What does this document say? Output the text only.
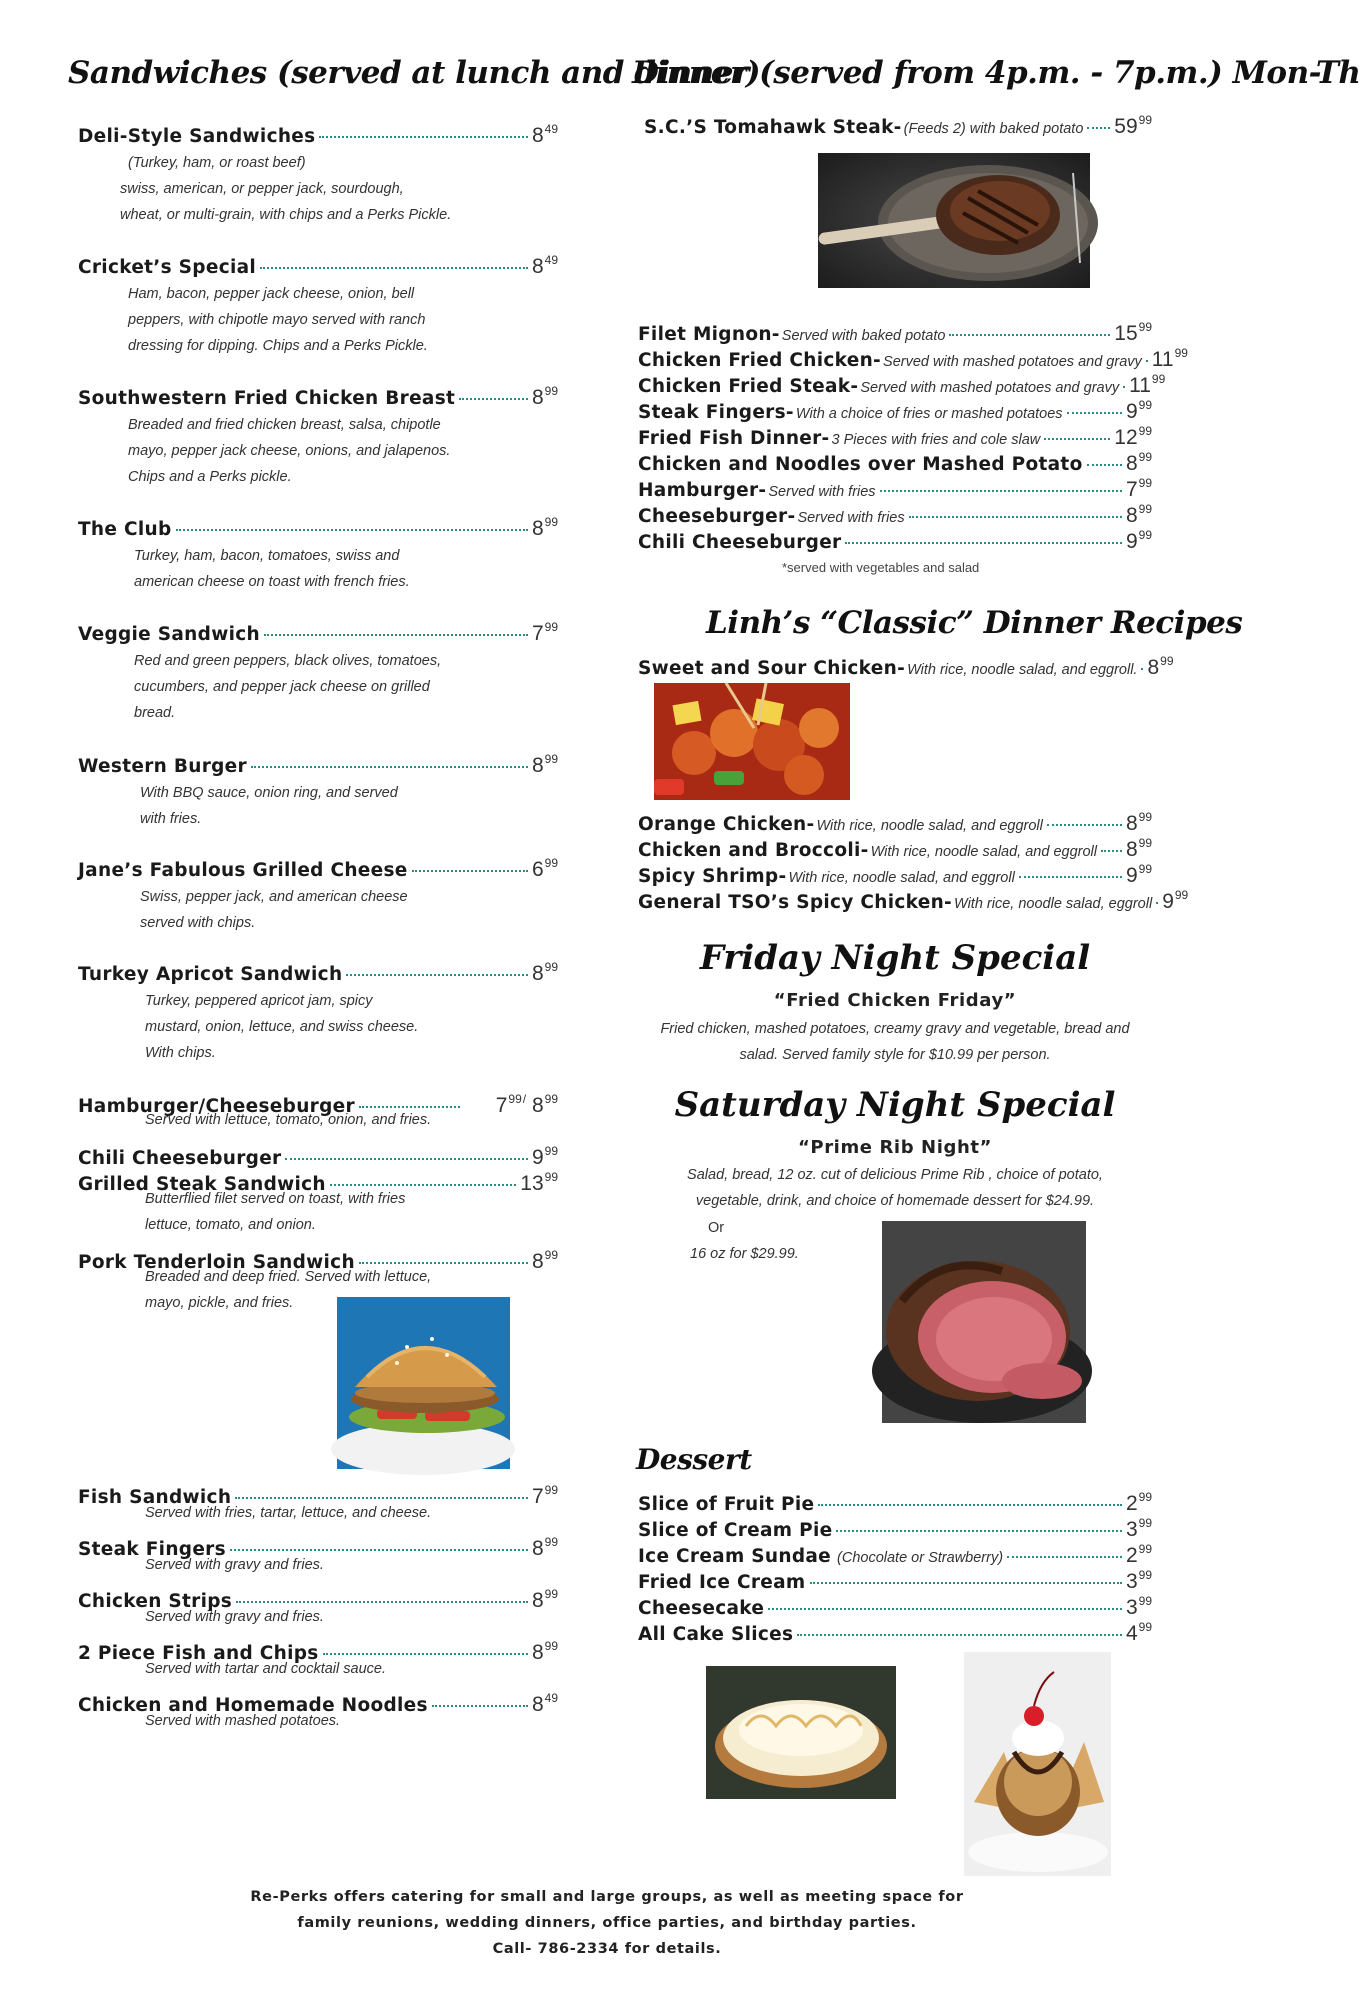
Sandwiches (served at lunch and dinner)
Deli-Style Sandwiches	$8^{49}$
(Turkey, ham, or roast beef)
swiss, american, or pepper jack, sourdough,
wheat, or multi-grain, with chips and a Perks Pickle.
Cricket’s Special	$8^{49}$
Ham, bacon, pepper jack cheese, onion, bell
peppers, with chipotle mayo served with ranch
dressing for dipping. Chips and a Perks Pickle.
Southwestern Fried Chicken Breast	$8^{99}$
Breaded and fried chicken breast, salsa, chipotle
mayo, pepper jack cheese, onions, and jalapenos.
Chips and a Perks pickle.
The Club	$8^{99}$
Turkey, ham, bacon, tomatoes, swiss and
american cheese on toast with french fries.
Veggie Sandwich	$7^{99}$
Red and green peppers, black olives, tomatoes,
cucumbers, and pepper jack cheese on grilled
bread.
Western Burger	$8^{99}$
With BBQ sauce, onion ring, and served
with fries.
Jane’s Fabulous Grilled Cheese	$6^{99}$
Swiss, pepper jack, and american cheese
served with chips.
Turkey Apricot Sandwich	$8^{99}$
Turkey, peppered apricot jam, spicy
mustard, onion, lettuce, and swiss cheese.
With chips.
Hamburger/Cheeseburger	$7^{99/}$ $8^{99}$
Served with lettuce, tomato, onion, and fries.
Chili Cheeseburger	$9^{99}$
Grilled Steak Sandwich	$13^{99}$
Butterflied filet served on toast, with fries
lettuce, tomato, and onion.
Pork Tenderloin Sandwich	$8^{99}$
Breaded and deep fried. Served with lettuce,
mayo, pickle, and fries.
Fish Sandwich	$7^{99}$
Served with fries, tartar, lettuce, and cheese.
Steak Fingers	$8^{99}$
Served with gravy and fries.
Chicken Strips	$8^{99}$
Served with gravy and fries.
2 Piece Fish and Chips	$8^{99}$
Served with tartar and cocktail sauce.
Chicken and Homemade Noodles	$8^{49}$
Served with mashed potatoes.
Dinner (served from 4p.m. - 7p.m.) Mon-Th
S.C.’S Tomahawk Steak- (Feeds 2) with baked potato $59^{99}$
Filet Mignon- Served with baked potato	$15^{99}$
Chicken Fried Chicken- Served with mashed potatoes and gravy $11^{99}$
Chicken Fried Steak- Served with mashed potatoes and gravy $11^{99}$
Steak Fingers- With a choice of fries or mashed potatoes	$9^{99}$
Fried Fish Dinner- 3 Pieces with fries and cole slaw	$12^{99}$
Chicken and Noodles over Mashed Potato $8^{99}$
Hamburger- Served with fries	$7^{99}$
Cheeseburger- Served with fries	$8^{99}$
Chili Cheeseburger	$9^{99}$
*served with vegetables and salad
Linh’s “Classic” Dinner Recipes
Sweet and Sour Chicken- With rice, noodle salad, and eggroll. $8^{99}$
Orange Chicken- With rice, noodle salad, and eggroll	$8^{99}$
Chicken and Broccoli- With rice, noodle salad, and eggroll $8^{99}$
Spicy Shrimp- With rice, noodle salad, and eggroll	$9^{99}$
General TSO’s Spicy Chicken- With rice, noodle salad, eggroll $9^{99}$
Friday Night Special
“Fried Chicken Friday”
Fried chicken, mashed potatoes, creamy gravy and vegetable, bread and
salad. Served family style for $10.99 per person.
Saturday Night Special
“Prime Rib Night”
Salad, bread, 12 oz. cut of delicious Prime Rib , choice of potato,
vegetable, drink, and choice of homemade dessert for $24.99.
Or
16 oz for $29.99.
Dessert
Slice of Fruit Pie	$2^{99}$
Slice of Cream Pie	$3^{99}$
Ice Cream Sundae (Chocolate or Strawberry)	$2^{99}$
Fried Ice Cream	$3^{99}$
Cheesecake	$3^{99}$
All Cake Slices	$4^{99}$
Re-Perks offers catering for small and large groups, as well as meeting space for
family reunions, wedding dinners, office parties, and birthday parties.
Call- 786-2334 for details.
